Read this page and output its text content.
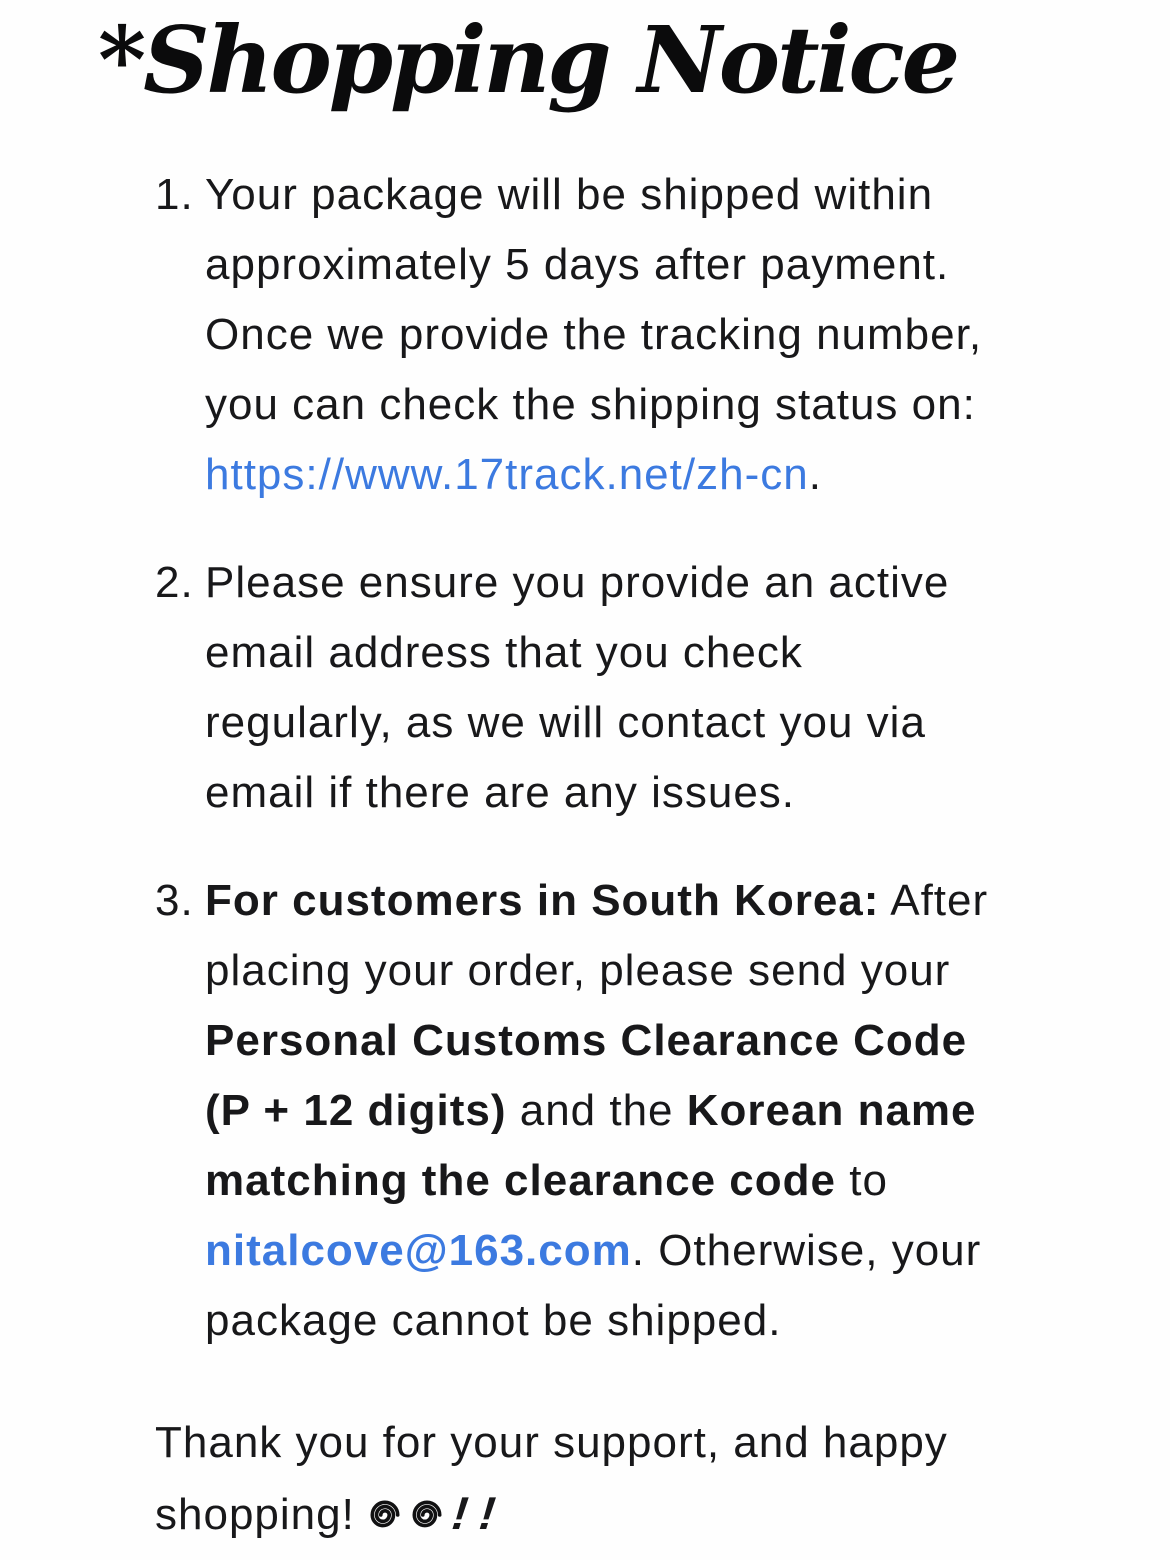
*Shopping Notice
1. Your package will be shipped within approximately 5 days after payment. Once we provide the tracking number, you can check the shipping status on: https://www.17track.net/zh-cn.

2. Please ensure you provide an active email address that you check regularly, as we will contact you via email if there are any issues.

3. For customers in South Korea: After placing your order, please send your Personal Customs Clearance Code (P + 12 digits) and the Korean name matching the clearance code to nitalcove@163.com. Otherwise, your package cannot be shipped.

Thank you for your support, and happy shopping! !!
